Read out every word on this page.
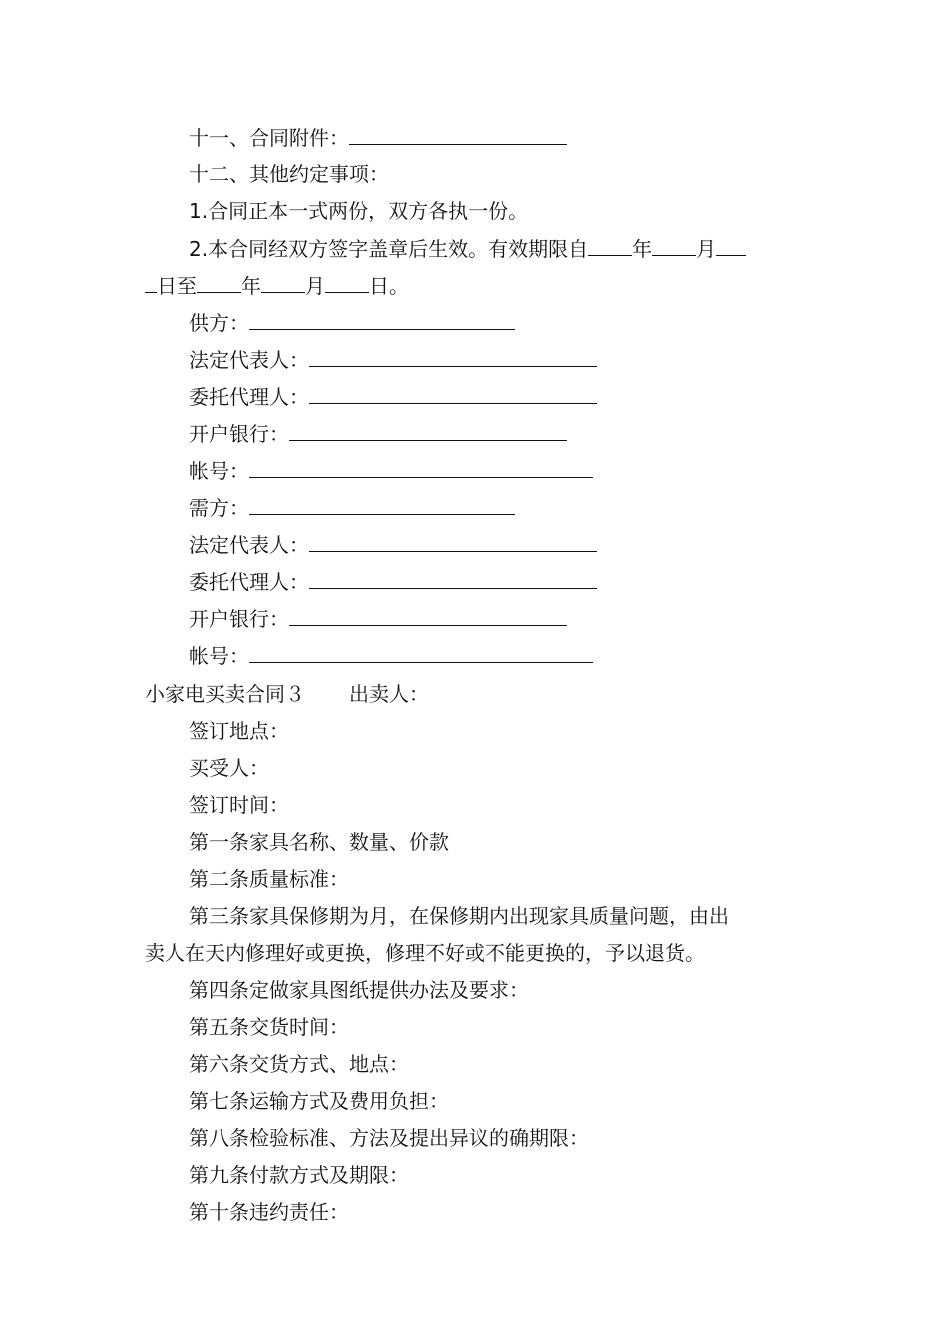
十一、合同附件：
十二、其他约定事项：
1.合同正本一式两份，双方各执一份。
2.本合同经双方签字盖章后生效。有效期限自 年 月
日至 年 月 日。
供方：
法定代表人：
委托代理人：
开户银行：
帐号：
需方：
法定代表人：
委托代理人：
开户银行：
帐号：
小家电买卖合同３ 出卖人：
签订地点：
买受人：
签订时间：
第一条家具名称、数量、价款
第二条质量标准：
第三条家具保修期为月，在保修期内出现家具质量问题，由出
卖人在天内修理好或更换，修理不好或不能更换的，予以退货。
第四条定做家具图纸提供办法及要求：
第五条交货时间：
第六条交货方式、地点：
第七条运输方式及费用负担：
第八条检验标准、方法及提出异议的确期限：
第九条付款方式及期限：
第十条违约责任：
